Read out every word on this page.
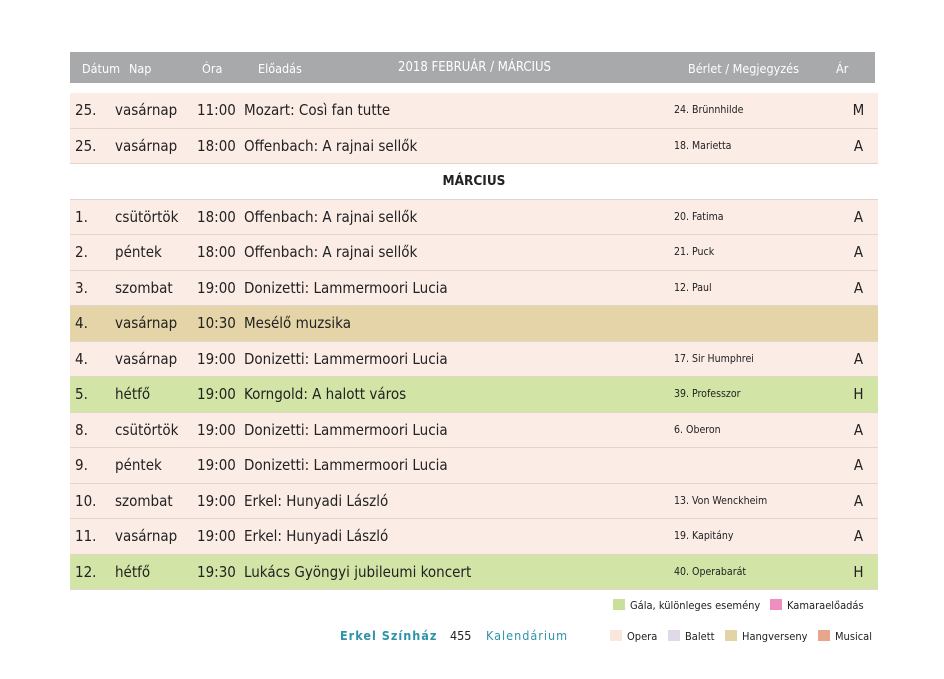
Dátum Nap	Óra	Előadás	2018 FEBRUÁR / MÁRCIUS	Bérlet / Megjegyzés	Ár
25.	vasárnap	11:00	Mozart: Così fan tutte	24. Brünnhilde	M
25.	vasárnap	18:00	Offenbach: A rajnai sellők	18. Marietta	A
MÁRCIUS					
1.	csütörtök	18:00	Offenbach: A rajnai sellők	20. Fatima	A
2.	péntek	18:00	Offenbach: A rajnai sellők	21. Puck	A
3.	szombat	19:00	Donizetti: Lammermoori Lucia	12. Paul	A
4.	vasárnap	10:30	Mesélő muzsika		
4.	vasárnap	19:00	Donizetti: Lammermoori Lucia	17. Sir Humphrei	A
5.	hétfő	19:00	Korngold: A halott város	39. Professzor	H
8.	csütörtök	19:00	Donizetti: Lammermoori Lucia	6. Oberon	A
9.	péntek	19:00	Donizetti: Lammermoori Lucia		A
10.	szombat	19:00	Erkel: Hunyadi László	13. Von Wenckheim	A
11.	vasárnap	19:00	Erkel: Hunyadi László	19. Kapitány	A
12.	hétfő	19:30	Lukács Gyöngyi jubileumi koncert	40. Operabarát	H
Gála, különleges esemény	Kamaraelőadás
Opera	Balett	Hangverseny	Musical
Erkel Színház 455 Kalendárium
